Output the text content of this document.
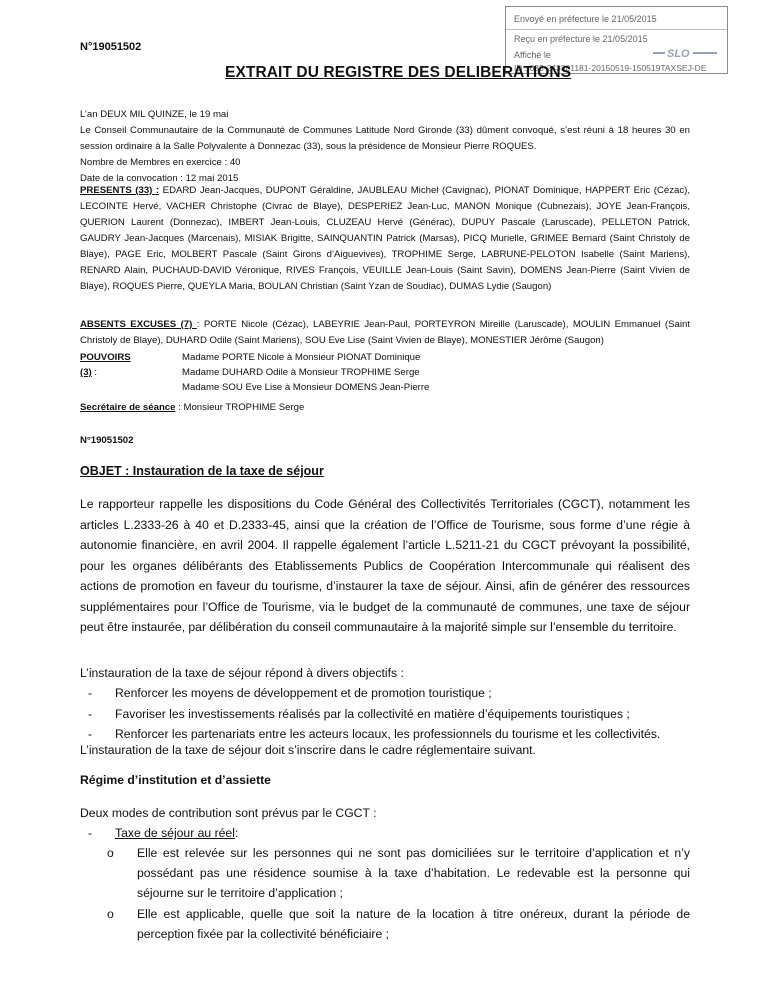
Envoyé en préfecture le 21/05/2015
Reçu en préfecture le 21/05/2015
Affiché le	SLO
ID : 033-243301181-20150519-150519TAXSEJ-DE
N°19051502
EXTRAIT DU REGISTRE DES DELIBERATIONS
L’an DEUX MIL QUINZE, le 19 mai
Le Conseil Communautaire de la Communauté de Communes Latitude Nord Gironde (33) dûment convoqué, s’est réuni à 18 heures 30 en session ordinaire à la Salle Polyvalente à Donnezac (33), sous la présidence de Monsieur Pierre ROQUES.
Nombre de Membres en exercice : 40
Date de la convocation : 12 mai 2015
PRESENTS (33) : EDARD Jean-Jacques, DUPONT Géraldine, JAUBLEAU Michel (Cavignac), PIONAT Dominique, HAPPERT Eric (Cézac), LECOINTE Hervé, VACHER Christophe (Civrac de Blaye), DESPERIEZ Jean-Luc, MANON Monique (Cubnezais), JOYE Jean-François, QUERION Laurent (Donnezac), IMBERT Jean-Louis, CLUZEAU Hervé (Générac), DUPUY Pascale (Laruscade), PELLETON Patrick, GAUDRY Jean-Jacques (Marcenais), MISIAK Brigitte, SAINQUANTIN Patrick (Marsas), PICQ Murielle, GRIMEE Bernard (Saint Christoly de Blaye), PAGE Eric, MOLBERT Pascale (Saint Girons d’Aiguevives), TROPHIME Serge, LABRUNE-PELOTON Isabelle (Saint Mariens), RENARD Alain, PUCHAUD-DAVID Véronique, RIVES François, VEUILLE Jean-Louis (Saint Savin), DOMENS Jean-Pierre (Saint Vivien de Blaye), ROQUES Pierre, QUEYLA Maria, BOULAN Christian (Saint Yzan de Soudiac), DUMAS Lydie (Saugon)
ABSENTS EXCUSES (7) : PORTE Nicole (Cézac), LABEYRIE Jean-Paul, PORTEYRON Mireille (Laruscade), MOULIN Emmanuel (Saint Christoly de Blaye), DUHARD Odile (Saint Mariens), SOU Eve Lise (Saint Vivien de Blaye), MONESTIER Jérôme (Saugon)
POUVOIRS (3) :
Madame PORTE Nicole à Monsieur PIONAT Dominique
Madame DUHARD Odile à Monsieur TROPHIME Serge
Madame SOU Eve Lise à Monsieur DOMENS Jean-Pierre
Secrétaire de séance : Monsieur TROPHIME Serge
N°19051502
OBJET : Instauration de la taxe de séjour
Le rapporteur rappelle les dispositions du Code Général des Collectivités Territoriales (CGCT), notamment les articles L.2333-26 à 40 et D.2333-45, ainsi que la création de l’Office de Tourisme, sous forme d’une régie à autonomie financière, en avril 2004. Il rappelle également l’article L.5211-21 du CGCT prévoyant la possibilité, pour les organes délibérants des Etablissements Publics de Coopération Intercommunale qui réalisent des actions de promotion en faveur du tourisme, d’instaurer la taxe de séjour. Ainsi, afin de générer des ressources supplémentaires pour l’Office de Tourisme, via le budget de la communauté de communes, une taxe de séjour peut être instaurée, par délibération du conseil communautaire à la majorité simple sur l’ensemble du territoire.
L’instauration de la taxe de séjour répond à divers objectifs :
- Renforcer les moyens de développement et de promotion touristique ;
- Favoriser les investissements réalisés par la collectivité en matière d’équipements touristiques ;
- Renforcer les partenariats entre les acteurs locaux, les professionnels du tourisme et les collectivités.
L’instauration de la taxe de séjour doit s’inscrire dans le cadre réglementaire suivant.
Régime d’institution et d’assiette
Deux modes de contribution sont prévus par le CGCT :
- Taxe de séjour au réel :
o Elle est relevée sur les personnes qui ne sont pas domiciliées sur le territoire d’application et n’y possédant pas une résidence soumise à la taxe d’habitation. Le redevable est la personne qui séjourne sur le territoire d’application ;
o Elle est applicable, quelle que soit la nature de la location à titre onéreux, durant la période de perception fixée par la collectivité bénéficiaire ;
